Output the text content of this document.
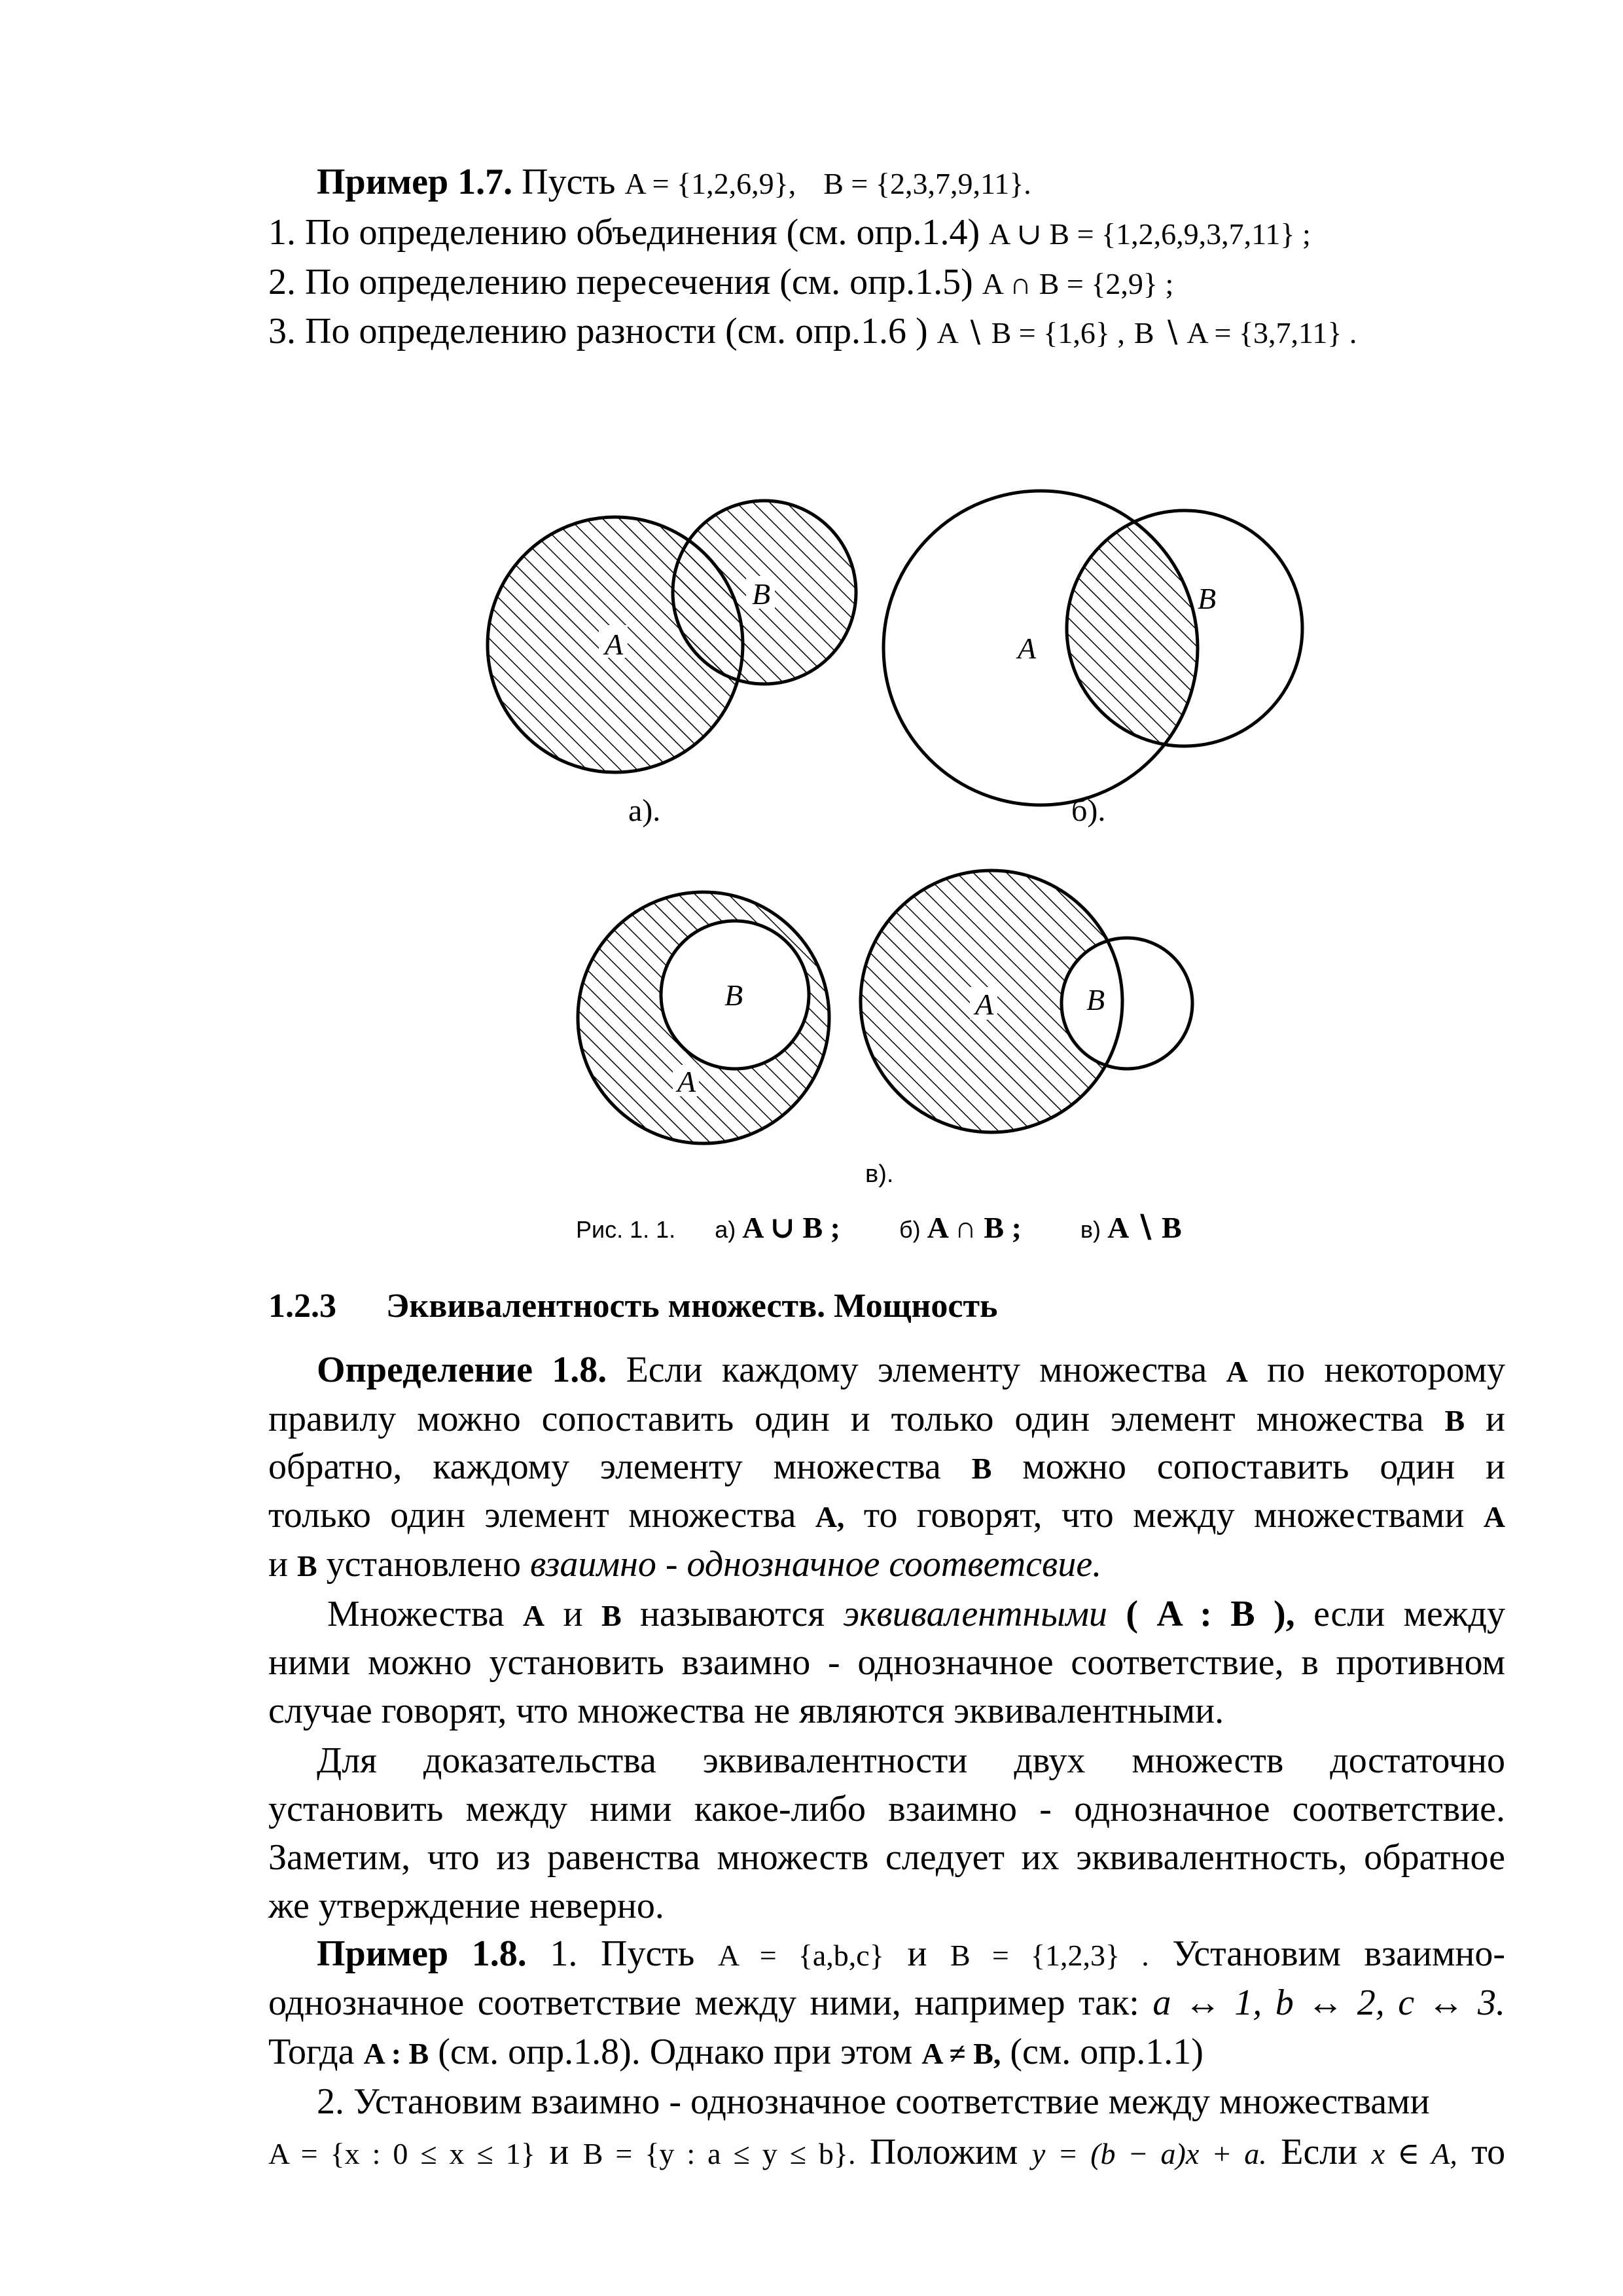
Пример 1.7. Пусть A = {1,2,6,9}, B = {2,3,7,9,11}.
1. По определению объединения (см. опр.1.4) A ∪ B = {1,2,6,9,3,7,11} ;
2. По определению пересечения (см. опр.1.5) A ∩ B = {2,9} ;
3. По определению разности (см. опр.1.6 ) A ∖ B = {1,6} , B ∖ A = {3,7,11} .
A
B
A
B
B
A
A	B
а).	б).
в).
Рис. 1. 1. а) A ∪ B ;	б) A ∩ B ;	в) A ∖ B
1.2.3 Эквивалентность множеств. Мощность
Определение 1.8. Если каждому элементу множества A по некоторому
правилу можно сопоставить один и только один элемент множества B и
обратно, каждому элементу множества B можно сопоставить один и
только один элемент множества A, то говорят, что между множествами A
и B установлено взаимно - однозначное соответсвие.
Множества A и B называются эквивалентными ( A : B ), если между
ними можно установить взаимно - однозначное соответствие, в противном
случае говорят, что множества не являются эквивалентными.
Для доказательства эквивалентности двух множеств достаточно
установить между ними какое-либо взаимно - однозначное соответствие.
Заметим, что из равенства множеств следует их эквивалентность, обратное
же утверждение неверно.
Пример 1.8. 1. Пусть A = {a,b,c} и B = {1,2,3} . Установим взаимно-
однозначное соответствие между ними, например так: a ↔ 1, b ↔ 2, c ↔ 3.
Тогда A : B (см. опр.1.8). Однако при этом A ≠ B, (см. опр.1.1)
2. Установим взаимно - однозначное соответствие между множествами
A = {x : 0 ≤ x ≤ 1} и B = {y : a ≤ y ≤ b}. Положим y = (b − a)x + a. Если x ∈ A, то
